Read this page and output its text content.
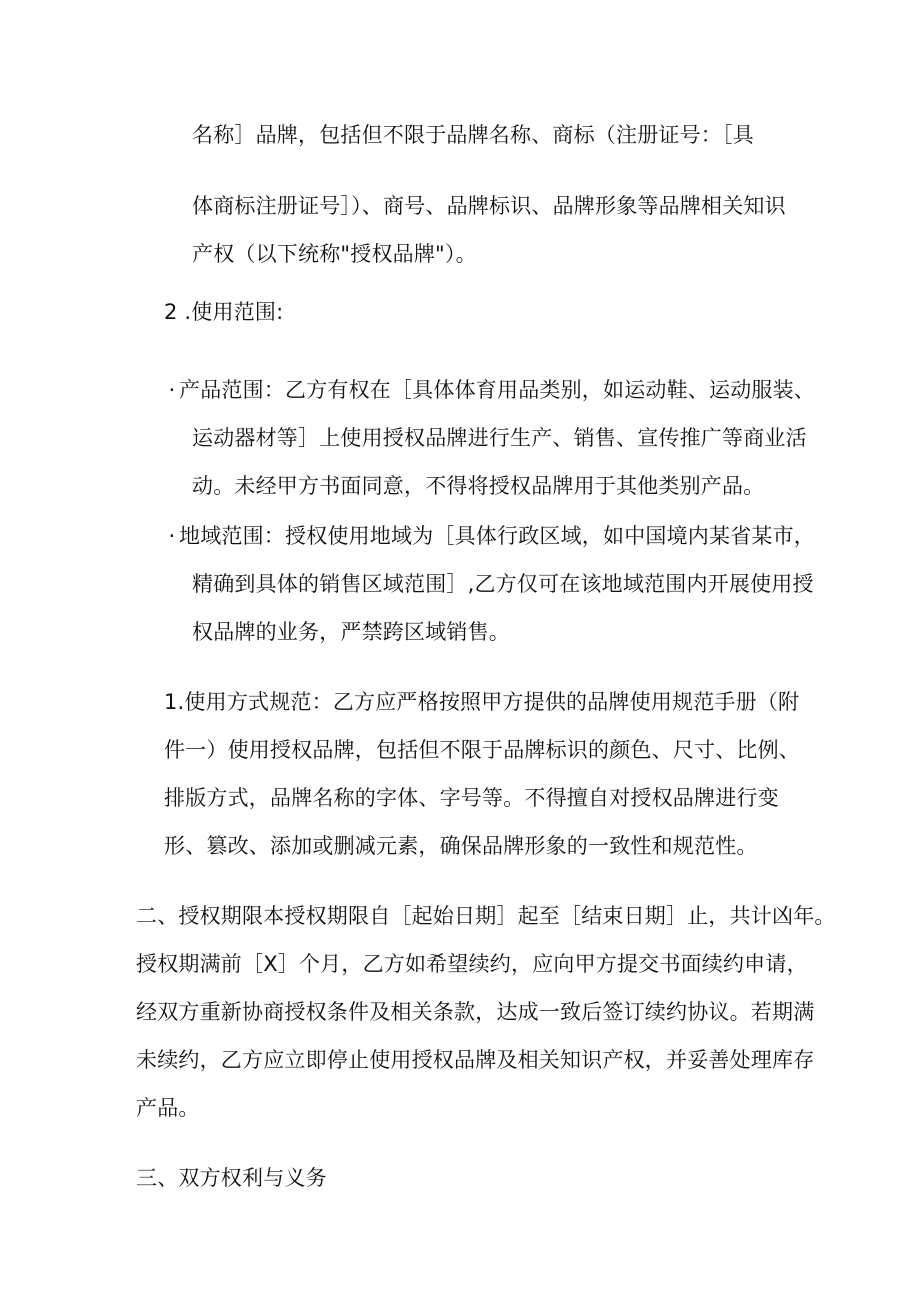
名称］品牌，包括但不限于品牌名称、商标（注册证号：［具
体商标注册证号］）、商号、品牌标识、品牌形象等品牌相关知识
产权（以下统称"授权品牌"）。
2 .使用范围:
· 产品范围：乙方有权在［具体体育用品类别，如运动鞋、运动服装、
运动器材等］上使用授权品牌进行生产、销售、宣传推广等商业活
动。未经甲方书面同意，不得将授权品牌用于其他类别产品。
· 地域范围：授权使用地域为［具体行政区域，如中国境内某省某市，
精确到具体的销售区域范围］,乙方仅可在该地域范围内开展使用授
权品牌的业务，严禁跨区域销售。
1.使用方式规范：乙方应严格按照甲方提供的品牌使用规范手册（附
件一）使用授权品牌，包括但不限于品牌标识的颜色、尺寸、比例、
排版方式，品牌名称的字体、字号等。不得擅自对授权品牌进行变
形、篡改、添加或删减元素，确保品牌形象的一致性和规范性。
二、授权期限本授权期限自［起始日期］起至［结束日期］止，共计凶年。
授权期满前［X］个月，乙方如希望续约，应向甲方提交书面续约申请，
经双方重新协商授权条件及相关条款，达成一致后签订续约协议。若期满
未续约，乙方应立即停止使用授权品牌及相关知识产权，并妥善处理库存
产品。
三、双方权利与义务
